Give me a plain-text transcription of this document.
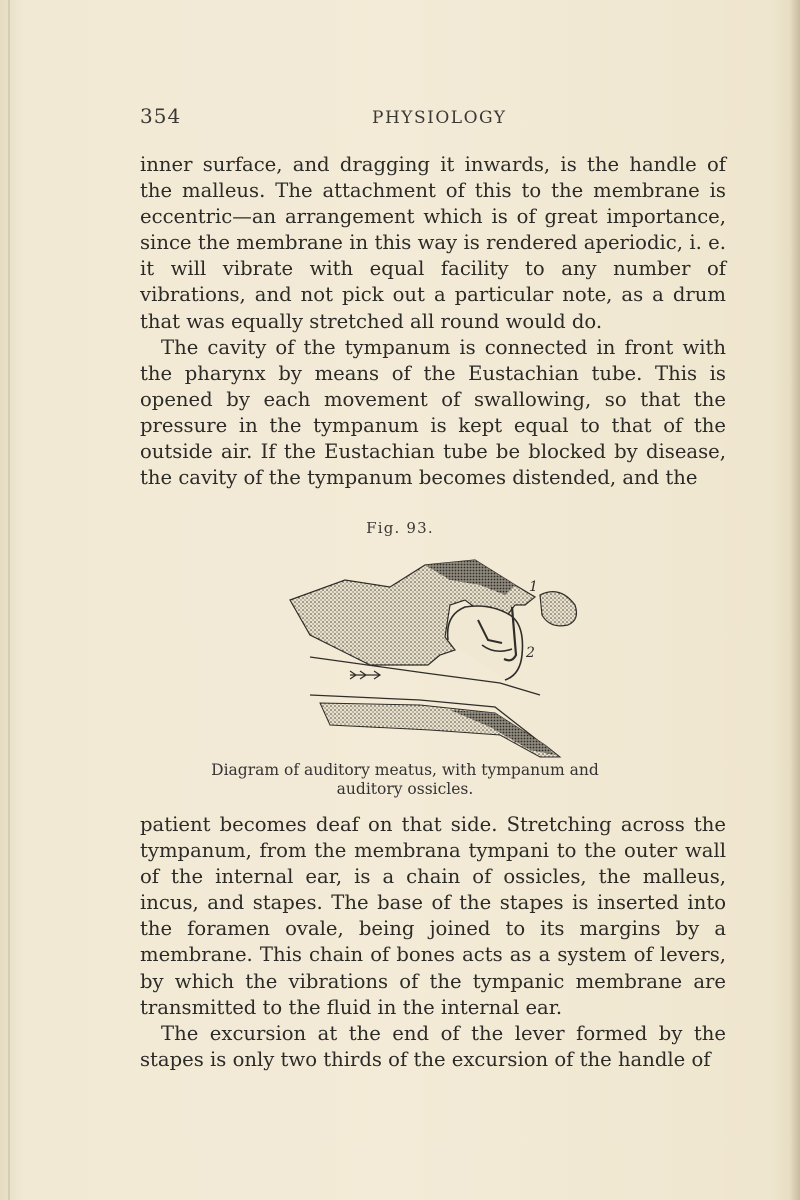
354	PHYSIOLOGY

inner surface, and dragging it inwards, is the handle of the malleus. The attachment of this to the membrane is eccentric—an arrangement which is of great importance, since the membrane in this way is rendered aperiodic, i. e. it will vibrate with equal facility to any number of vibrations, and not pick out a particular note, as a drum that was equally stretched all round would do.

The cavity of the tympanum is connected in front with the pharynx by means of the Eustachian tube. This is opened by each movement of swallowing, so that the pressure in the tympanum is kept equal to that of the outside air. If the Eustachian tube be blocked by disease, the cavity of the tympanum becomes distended, and the

Fig. 93.
1
2
Diagram of auditory meatus, with tympanum and auditory ossicles.

patient becomes deaf on that side. Stretching across the tympanum, from the membrana tympani to the outer wall of the internal ear, is a chain of ossicles, the malleus, incus, and stapes. The base of the stapes is inserted into the foramen ovale, being joined to its margins by a membrane. This chain of bones acts as a system of levers, by which the vibrations of the tympanic membrane are transmitted to the fluid in the internal ear.

The excursion at the end of the lever formed by the stapes is only two thirds of the excursion of the handle of
